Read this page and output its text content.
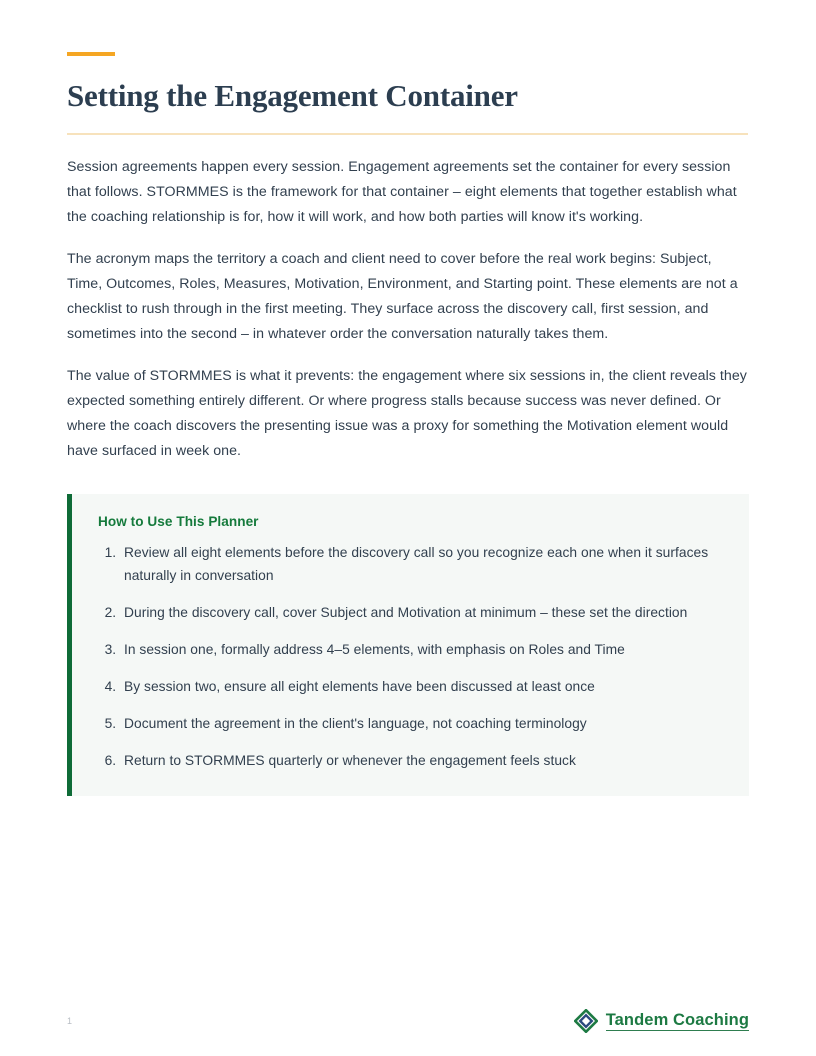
Setting the Engagement Container

Session agreements happen every session. Engagement agreements set the container for every session that follows. STORMMES is the framework for that container – eight elements that together establish what the coaching relationship is for, how it will work, and how both parties will know it's working.

The acronym maps the territory a coach and client need to cover before the real work begins: Subject, Time, Outcomes, Roles, Measures, Motivation, Environment, and Starting point. These elements are not a checklist to rush through in the first meeting. They surface across the discovery call, first session, and sometimes into the second – in whatever order the conversation naturally takes them.

The value of STORMMES is what it prevents: the engagement where six sessions in, the client reveals they expected something entirely different. Or where progress stalls because success was never defined. Or where the coach discovers the presenting issue was a proxy for something the Motivation element would have surfaced in week one.

How to Use This Planner
1. Review all eight elements before the discovery call so you recognize each one when it surfaces naturally in conversation
2. During the discovery call, cover Subject and Motivation at minimum – these set the direction
3. In session one, formally address 4–5 elements, with emphasis on Roles and Time
4. By session two, ensure all eight elements have been discussed at least once
5. Document the agreement in the client's language, not coaching terminology
6. Return to STORMMES quarterly or whenever the engagement feels stuck
1	Tandem Coaching
